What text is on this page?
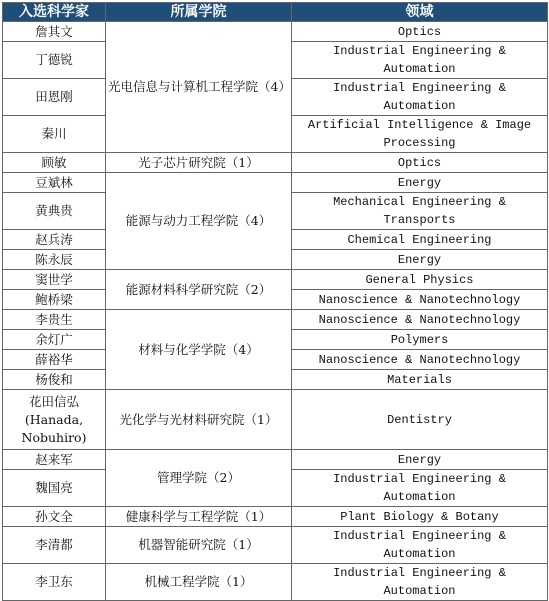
入选科学家	所属学院	领域
詹其文	光电信息与计算机工程学院（4）	Optics
丁德锐		Industrial Engineering & Automation
田恩刚		Industrial Engineering & Automation
秦川		Artificial Intelligence & Image Processing
顾敏	光子芯片研究院（1）	Optics
豆斌林	能源与动力工程学院（4）	Energy
黄典贵		Mechanical Engineering & Transports
赵兵涛		Chemical Engineering
陈永辰		Energy
窦世学	能源材料科学研究院（2）	General Physics
鲍桥梁		Nanoscience & Nanotechnology
李贵生	材料与化学学院（4）	Nanoscience & Nanotechnology
余灯广		Polymers
薛裕华		Nanoscience & Nanotechnology
杨俊和		Materials
花田信弘
(Hanada,
Nobuhiro)	光化学与光材料研究院（1）	Dentistry
赵来军	管理学院（2）	Energy
魏国亮		Industrial Engineering & Automation
孙文全	健康科学与工程学院（1）	Plant Biology & Botany
李清都	机器智能研究院（1）	Industrial Engineering & Automation
李卫东	机械工程学院（1）	Industrial Engineering & Automation
